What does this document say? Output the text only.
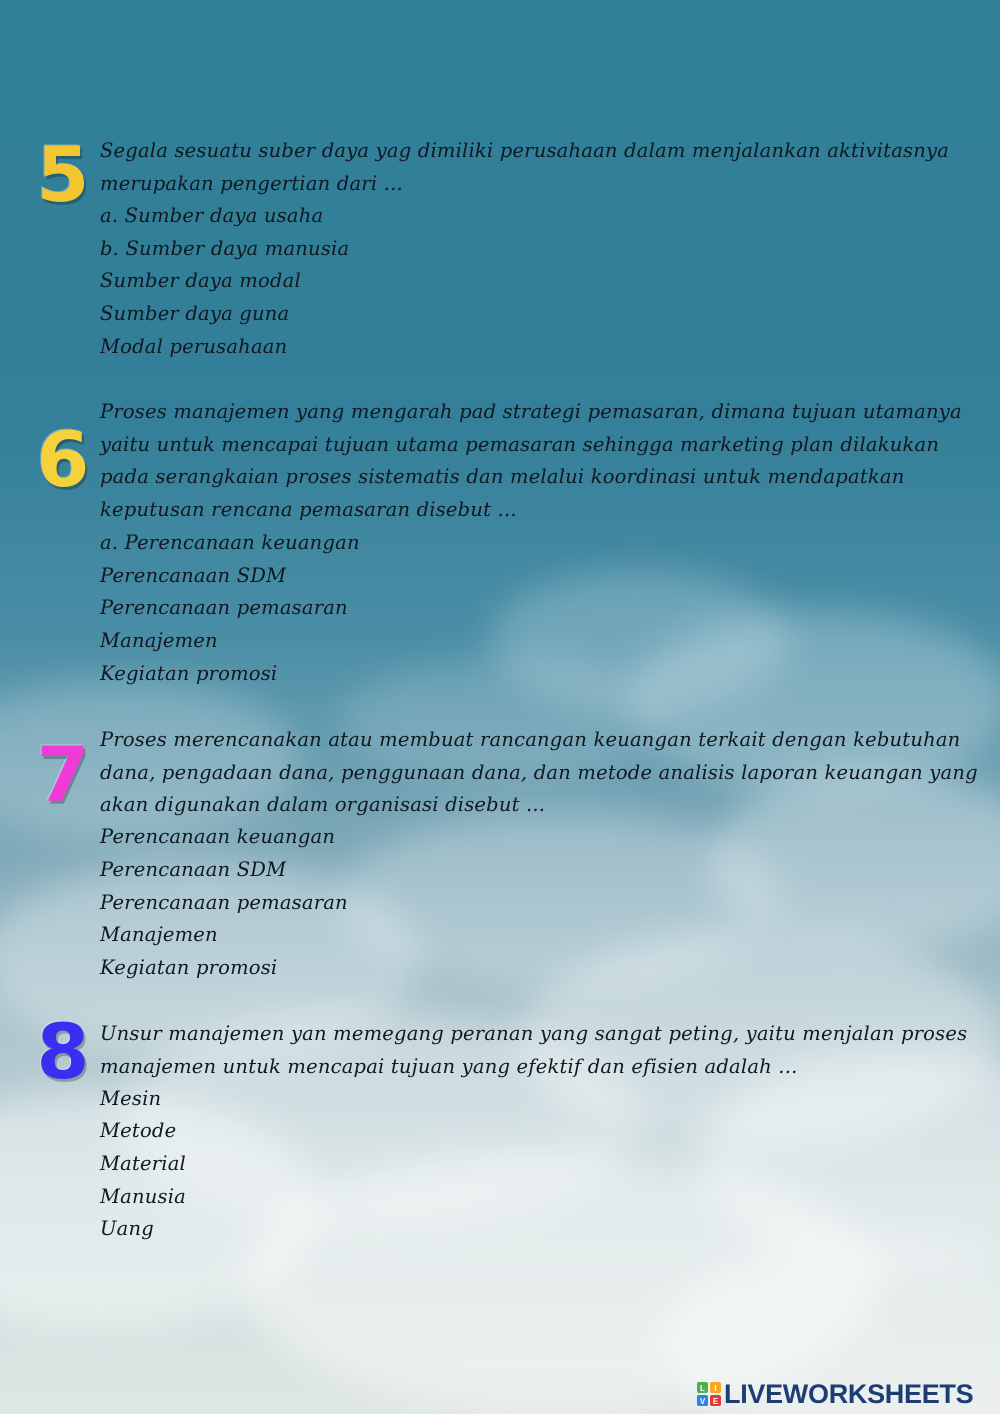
5 Segala sesuatu suber daya yag dimiliki perusahaan dalam menjalankan aktivitasnya merupakan pengertian dari ...
a. Sumber daya usaha
b. Sumber daya manusia
Sumber daya modal
Sumber daya guna
Modal perusahaan
6
Proses manajemen yang mengarah pad strategi pemasaran, dimana tujuan utamanya yaitu untuk mencapai tujuan utama pemasaran sehingga marketing plan dilakukan pada serangkaian proses sistematis dan melalui koordinasi untuk mendapatkan keputusan rencana pemasaran disebut ...
a. Perencanaan keuangan
Perencanaan SDM
Perencanaan pemasaran
Manajemen
Kegiatan promosi
7 Proses merencanakan atau membuat rancangan keuangan terkait dengan kebutuhan dana, pengadaan dana, penggunaan dana, dan metode analisis laporan keuangan yang akan digunakan dalam organisasi disebut ...
Perencanaan keuangan
Perencanaan SDM
Perencanaan pemasaran
Manajemen
Kegiatan promosi
8 Unsur manajemen yan memegang peranan yang sangat peting, yaitu menjalan proses manajemen untuk mencapai tujuan yang efektif dan efisien adalah ...
Mesin
Metode
Material
Manusia
Uang
L I
V E LIVEWORKSHEETS
